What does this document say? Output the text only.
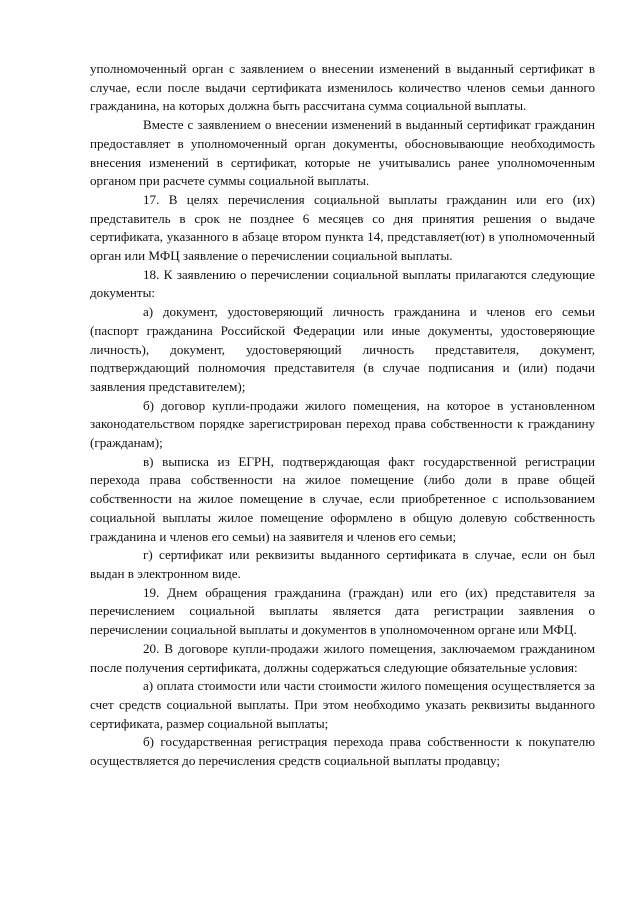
уполномоченный орган с заявлением о внесении изменений в выданный сертификат в случае, если после выдачи сертификата изменилось количество членов семьи данного гражданина, на которых должна быть рассчитана сумма социальной выплаты.

Вместе с заявлением о внесении изменений в выданный сертификат гражданин предоставляет в уполномоченный орган документы, обосновывающие необходимость внесения изменений в сертификат, которые не учитывались ранее уполномоченным органом при расчете суммы социальной выплаты.

17. В целях перечисления социальной выплаты гражданин или его (их) представитель в срок не позднее 6 месяцев со дня принятия решения о выдаче сертификата, указанного в абзаце втором пункта 14, представляет(ют) в уполномоченный орган или МФЦ заявление о перечислении социальной выплаты.

18. К заявлению о перечислении социальной выплаты прилагаются следующие документы:

а) документ, удостоверяющий личность гражданина и членов его семьи (паспорт гражданина Российской Федерации или иные документы, удостоверяющие личность), документ, удостоверяющий личность представителя, документ, подтверждающий полномочия представителя (в случае подписания и (или) подачи заявления представителем);

б) договор купли-продажи жилого помещения, на которое в установленном законодательством порядке зарегистрирован переход права собственности к гражданину (гражданам);

в) выписка из ЕГРН, подтверждающая факт государственной регистрации перехода права собственности на жилое помещение (либо доли в праве общей собственности на жилое помещение в случае, если приобретенное с использованием социальной выплаты жилое помещение оформлено в общую долевую собственность гражданина и членов его семьи) на заявителя и членов его семьи;

г) сертификат или реквизиты выданного сертификата в случае, если он был выдан в электронном виде.

19. Днем обращения гражданина (граждан) или его (их) представителя за перечислением социальной выплаты является дата регистрации заявления о перечислении социальной выплаты и документов в уполномоченном органе или МФЦ.

20. В договоре купли-продажи жилого помещения, заключаемом гражданином после получения сертификата, должны содержаться следующие обязательные условия:

а) оплата стоимости или части стоимости жилого помещения осуществляется за счет средств социальной выплаты. При этом необходимо указать реквизиты выданного сертификата, размер социальной выплаты;

б) государственная регистрация перехода права собственности к покупателю осуществляется до перечисления средств социальной выплаты продавцу;
